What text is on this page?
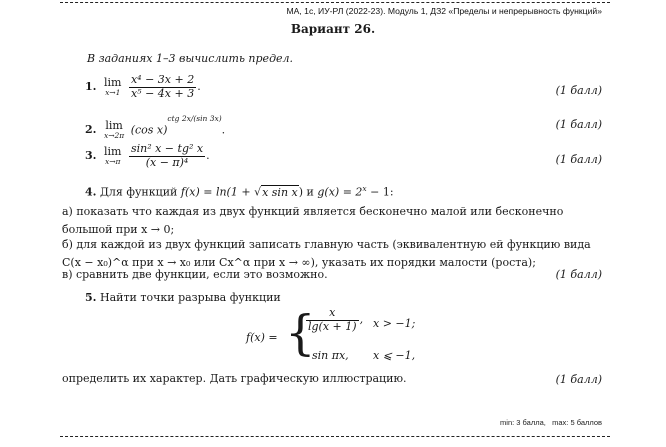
МА, 1с, ИУ-РЛ (2022-23). Модуль 1, ДЗ2 «Пределы и непрерывность функций»
Вариант 26.
В заданиях 1–3 вычислить предел.
1. lim
x→1
$\frac{\text{x⁴ − 3x + 2}}{\text{x⁵ − 4x + 3}}$ .	(1 балл)
2. lim
x→2π (cos x)$^{ctg 2x/(sin 3x)}$.	(1 балл)
3. lim
x→π
$\frac{\text{sin² x − tg² x}}{\text{(x − π)⁴}}$ .	(1 балл)
4. Для функций f(x) = ln(1 + √x sin x) и $g(x) = 2^x - 1$:
а) показать что каждая из двух функций является бесконечно малой или бесконечно большой при x → 0;
б) для каждой из двух функций записать главную часть (эквивалентную ей функцию вида C(x − x₀)^α при x → x₀ или Cx^α при x → ∞), указать их порядки малости (роста);
в) сравнить две функции, если это возможно.	(1 балл)
5. Найти точки разрыва функции
f(x) = {
$\frac{x}{\lg(x + 1)}$ , x > −1;
sin πx, x ⩽ −1,
определить их характер. Дать графическую иллюстрацию.	(1 балл)
min: 3 балла, max: 5 баллов
